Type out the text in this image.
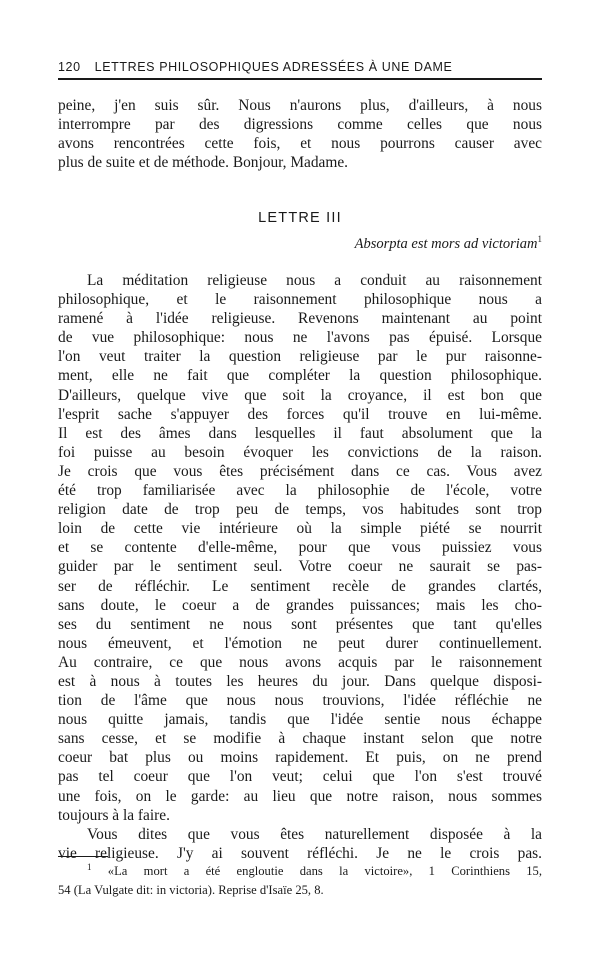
120 LETTRES PHILOSOPHIQUES ADRESSÉES À UNE DAME
peine, j'en suis sûr. Nous n'aurons plus, d'ailleurs, à nous
interrompre par des digressions comme celles que nous
avons rencontrées cette fois, et nous pourrons causer avec
plus de suite et de méthode. Bonjour, Madame.
LETTRE III
Absorpta est mors ad victoriam$^1$
La méditation religieuse nous a conduit au raisonnement
philosophique, et le raisonnement philosophique nous a
ramené à l'idée religieuse. Revenons maintenant au point
de vue philosophique: nous ne l'avons pas épuisé. Lorsque
l'on veut traiter la question religieuse par le pur raisonne-
ment, elle ne fait que compléter la question philosophique.
D'ailleurs, quelque vive que soit la croyance, il est bon que
l'esprit sache s'appuyer des forces qu'il trouve en lui-même.
Il est des âmes dans lesquelles il faut absolument que la
foi puisse au besoin évoquer les convictions de la raison.
Je crois que vous êtes précisément dans ce cas. Vous avez
été trop familiarisée avec la philosophie de l'école, votre
religion date de trop peu de temps, vos habitudes sont trop
loin de cette vie intérieure où la simple piété se nourrit
et se contente d'elle-même, pour que vous puissiez vous
guider par le sentiment seul. Votre coeur ne saurait se pas-
ser de réfléchir. Le sentiment recèle de grandes clartés,
sans doute, le coeur a de grandes puissances; mais les cho-
ses du sentiment ne nous sont présentes que tant qu'elles
nous émeuvent, et l'émotion ne peut durer continuellement.
Au contraire, ce que nous avons acquis par le raisonnement
est à nous à toutes les heures du jour. Dans quelque disposi-
tion de l'âme que nous nous trouvions, l'idée réfléchie ne
nous quitte jamais, tandis que l'idée sentie nous échappe
sans cesse, et se modifie à chaque instant selon que notre
coeur bat plus ou moins rapidement. Et puis, on ne prend
pas tel coeur que l'on veut; celui que l'on s'est trouvé
une fois, on le garde: au lieu que notre raison, nous sommes
toujours à la faire.
Vous dites que vous êtes naturellement disposée à la
vie religieuse. J'y ai souvent réfléchi. Je ne le crois pas.
$^1$ «La mort a été engloutie dans la victoire», 1 Corinthiens 15,
54 (La Vulgate dit: in victoria). Reprise d'Isaïe 25, 8.
